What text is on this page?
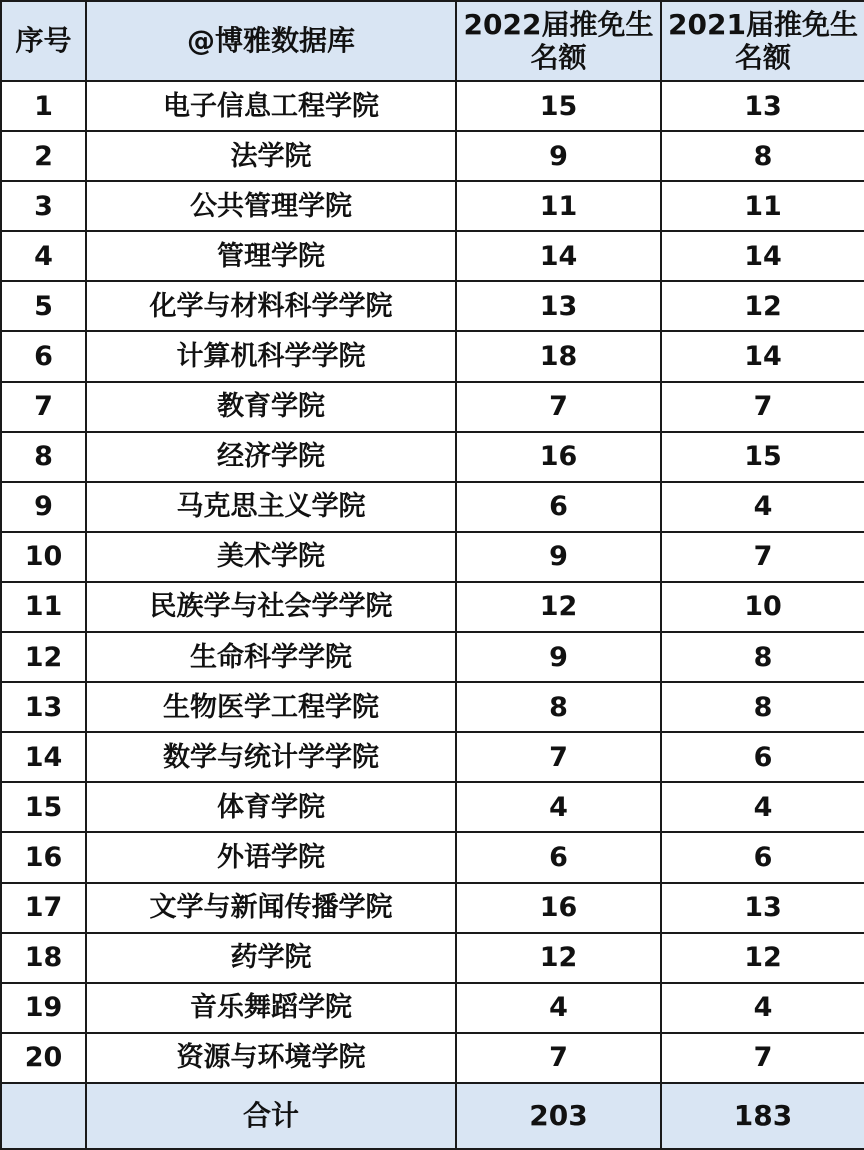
序号	@博雅数据库	2022届推免生名额	2021届推免生名额
1	电子信息工程学院	15	13
2	法学院	9	8
3	公共管理学院	11	11
4	管理学院	14	14
5	化学与材料科学学院	13	12
6	计算机科学学院	18	14
7	教育学院	7	7
8	经济学院	16	15
9	马克思主义学院	6	4
10	美术学院	9	7
11	民族学与社会学学院	12	10
12	生命科学学院	9	8
13	生物医学工程学院	8	8
14	数学与统计学学院	7	6
15	体育学院	4	4
16	外语学院	6	6
17	文学与新闻传播学院	16	13
18	药学院	12	12
19	音乐舞蹈学院	4	4
20	资源与环境学院	7	7
	合计	203	183
